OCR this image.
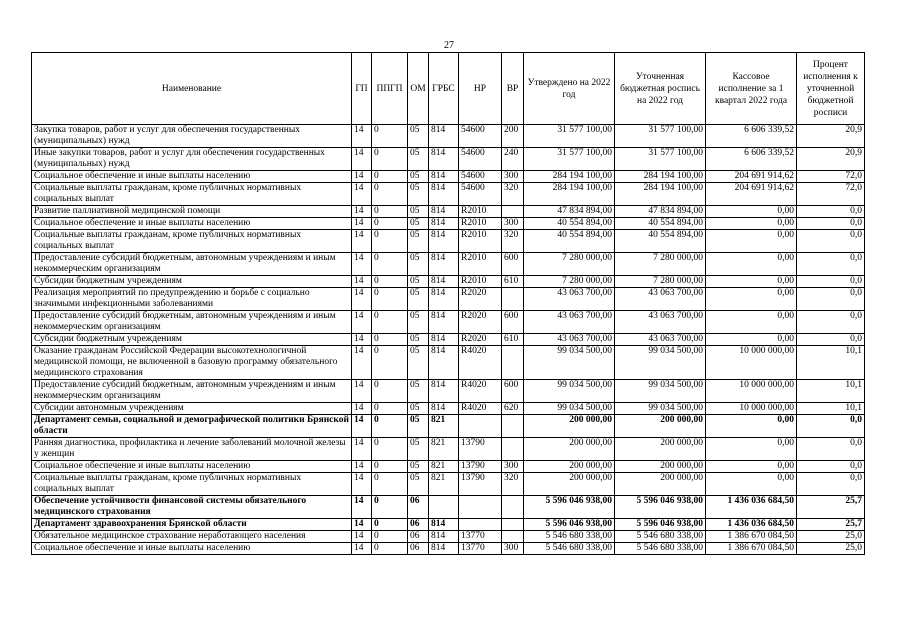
27
Наименование	ГП	ППГП	ОМ	ГРБС	НР	ВР	Утверждено на 2022 год	Уточненная бюджетная роспись на 2022 год	Кассовое исполнение за 1 квартал 2022 года	Процент исполнения к уточненной бюджетной росписи
Закупка товаров, работ и услуг для обеспечения государственных (муниципальных) нужд	14	0	05	814	54600	200	31 577 100,00	31 577 100,00	6 606 339,52	20,9
Иные закупки товаров, работ и услуг для обеспечения государственных (муниципальных) нужд	14	0	05	814	54600	240	31 577 100,00	31 577 100,00	6 606 339,52	20,9
Социальное обеспечение и иные выплаты населению	14	0	05	814	54600	300	284 194 100,00	284 194 100,00	204 691 914,62	72,0
Социальные выплаты гражданам, кроме публичных нормативных социальных выплат	14	0	05	814	54600	320	284 194 100,00	284 194 100,00	204 691 914,62	72,0
Развитие паллиативной медицинской помощи	14	0	05	814	R2010		47 834 894,00	47 834 894,00	0,00	0,0
Социальное обеспечение и иные выплаты населению	14	0	05	814	R2010	300	40 554 894,00	40 554 894,00	0,00	0,0
Социальные выплаты гражданам, кроме публичных нормативных социальных выплат	14	0	05	814	R2010	320	40 554 894,00	40 554 894,00	0,00	0,0
Предоставление субсидий бюджетным, автономным учреждениям и иным некоммерческим организациям	14	0	05	814	R2010	600	7 280 000,00	7 280 000,00	0,00	0,0
Субсидии бюджетным учреждениям	14	0	05	814	R2010	610	7 280 000,00	7 280 000,00	0,00	0,0
Реализация мероприятий по предупреждению и борьбе с социально значимыми инфекционными заболеваниями	14	0	05	814	R2020		43 063 700,00	43 063 700,00	0,00	0,0
Предоставление субсидий бюджетным, автономным учреждениям и иным некоммерческим организациям	14	0	05	814	R2020	600	43 063 700,00	43 063 700,00	0,00	0,0
Субсидии бюджетным учреждениям	14	0	05	814	R2020	610	43 063 700,00	43 063 700,00	0,00	0,0
Оказание гражданам Российской Федерации высокотехнологичной медицинской помощи, не включенной в базовую программу обязательного медицинского страхования	14	0	05	814	R4020		99 034 500,00	99 034 500,00	10 000 000,00	10,1
Предоставление субсидий бюджетным, автономным учреждениям и иным некоммерческим организациям	14	0	05	814	R4020	600	99 034 500,00	99 034 500,00	10 000 000,00	10,1
Субсидии автономным учреждениям	14	0	05	814	R4020	620	99 034 500,00	99 034 500,00	10 000 000,00	10,1
Департамент семьи, социальной и демографической политики Брянской области	14	0	05	821			200 000,00	200 000,00	0,00	0,0
Ранняя диагностика, профилактика и лечение заболеваний молочной железы у женщин	14	0	05	821	13790		200 000,00	200 000,00	0,00	0,0
Социальное обеспечение и иные выплаты населению	14	0	05	821	13790	300	200 000,00	200 000,00	0,00	0,0
Социальные выплаты гражданам, кроме публичных нормативных социальных выплат	14	0	05	821	13790	320	200 000,00	200 000,00	0,00	0,0
Обеспечение устойчивости финансовой системы обязательного медицинского страхования	14	0	06				5 596 046 938,00	5 596 046 938,00	1 436 036 684,50	25,7
Департамент здравоохранения Брянской области	14	0	06	814			5 596 046 938,00	5 596 046 938,00	1 436 036 684,50	25,7
Обязательное медицинское страхование неработающего населения	14	0	06	814	13770		5 546 680 338,00	5 546 680 338,00	1 386 670 084,50	25,0
Социальное обеспечение и иные выплаты населению	14	0	06	814	13770	300	5 546 680 338,00	5 546 680 338,00	1 386 670 084,50	25,0
